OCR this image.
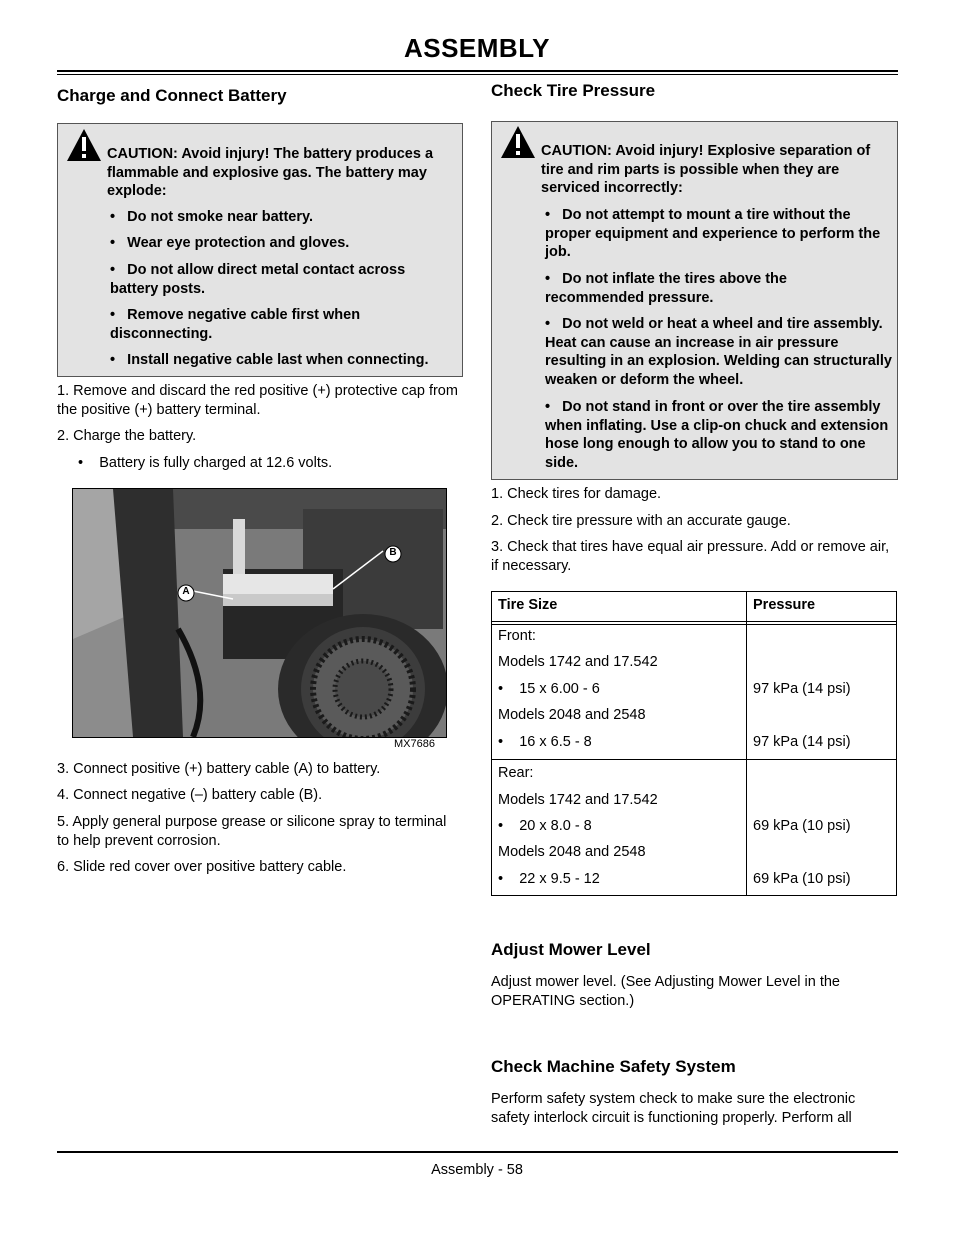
ASSEMBLY
Charge and Connect Battery
CAUTION: Avoid injury! The battery produces a flammable and explosive gas. The battery may explode:
•   Do not smoke near battery.
•   Wear eye protection and gloves.
•   Do not allow direct metal contact across battery posts.
•   Remove negative cable first when disconnecting.
•   Install negative cable last when connecting.
1. Remove and discard the red positive (+) protective cap from the positive (+) battery terminal.
2. Charge the battery.
•    Battery is fully charged at 12.6 volts.
A
B
MX7686
3. Connect positive (+) battery cable (A) to battery.
4. Connect negative (–) battery cable (B).
5. Apply general purpose grease or silicone spray to terminal to help prevent corrosion.
6. Slide red cover over positive battery cable.
Check Tire Pressure
CAUTION: Avoid injury! Explosive separation of tire and rim parts is possible when they are serviced incorrectly:
•   Do not attempt to mount a tire without the proper equipment and experience to perform the job.
•   Do not inflate the tires above the recommended pressure.
•   Do not weld or heat a wheel and tire assembly. Heat can cause an increase in air pressure resulting in an explosion. Welding can structurally weaken or deform the wheel.
•   Do not stand in front or over the tire assembly when inflating. Use a clip-on chuck and extension hose long enough to allow you to stand to one side.
1. Check tires for damage.
2. Check tire pressure with an accurate gauge.
3. Check that tires have equal air pressure. Add or remove air, if necessary.
Tire Size	Pressure
Front:
Models 1742 and 17.542
•    15 x 6.00 - 6	97 kPa (14 psi)
Models 2048 and 2548
•    16 x 6.5 - 8	97 kPa (14 psi)
Rear:
Models 1742 and 17.542
•    20 x 8.0 - 8	69 kPa (10 psi)
Models 2048 and 2548
•    22 x 9.5 - 12	69 kPa (10 psi)
Adjust Mower Level
Adjust mower level. (See Adjusting Mower Level in the OPERATING section.)
Check Machine Safety System
Perform safety system check to make sure the electronic safety interlock circuit is functioning properly. Perform all
Assembly - 58
